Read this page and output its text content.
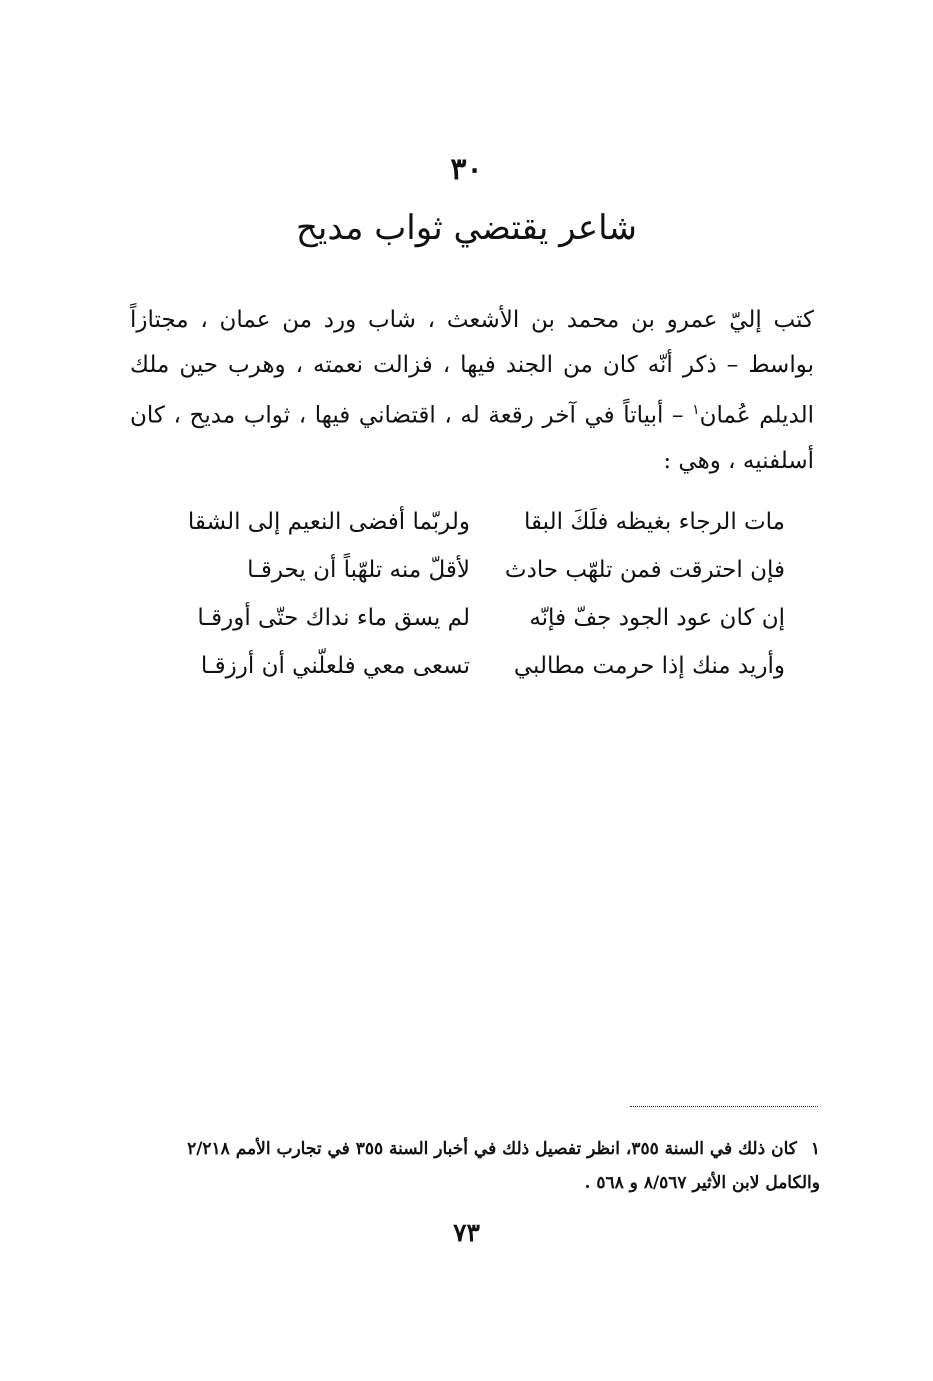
٣٠
شاعر يقتضي ثواب مديح
كتب إليّ عمرو بن محمد بن الأشعث ، شاب ورد من عمان ، مجتازاً بواسط – ذكر أنّه كان من الجند فيها ، فزالت نعمته ، وهرب حين ملك الديلم عُمان$^١$ – أبياتاً في آخر رقعة له ، اقتضاني فيها ، ثواب مديح ، كان أسلفنيه ، وهي :
مات الرجاء بغيظه فلَكَ البقا
ولربّما أفضى النعيم إلى الشقا
فإن احترقت فمن تلهّب حادث
لأقلّ منه تلهّباً أن يحرقـا
إن كان عود الجود جفّ فإنّه
لم يسق ماء نداك حتّى أورقـا
وأريد منك إذا حرمت مطالبي
تسعى معي فلعلّني أن أرزقـا
١كان ذلك في السنة ٣٥٥، انظر تفصيل ذلك في أخبار السنة ٣٥٥ في تجارب الأمم ٢/٢١٨ والكامل لابن الأثير ٨/٥٦٧ و ٥٦٨ .
٧٣
